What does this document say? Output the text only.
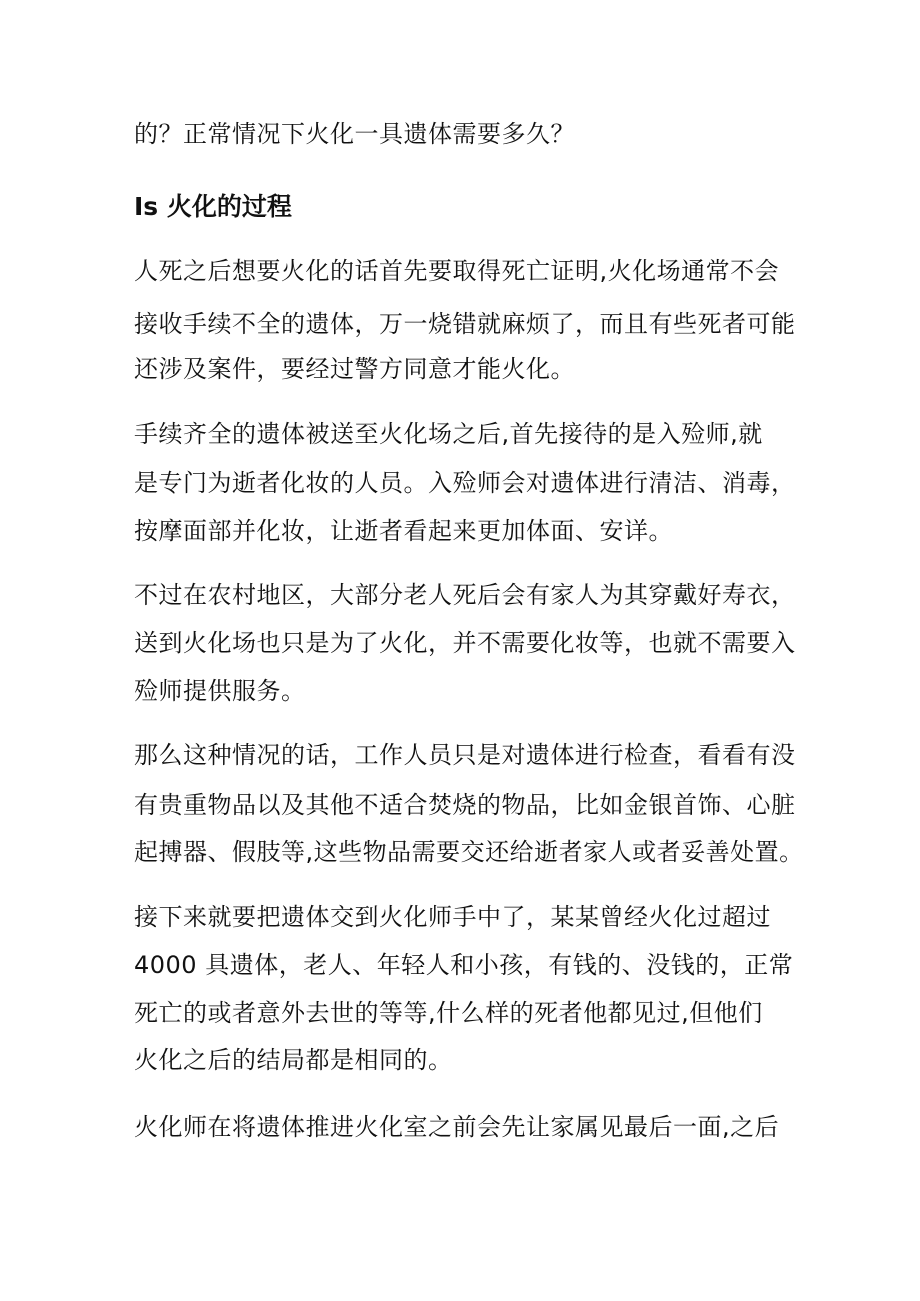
的？正常情况下火化一具遗体需要多久？
Is 火化的过程
人死之后想要火化的话首先要取得死亡证明,火化场通常不会
接收手续不全的遗体，万一烧错就麻烦了，而且有些死者可能
还涉及案件，要经过警方同意才能火化。
手续齐全的遗体被送至火化场之后,首先接待的是入殓师,就
是专门为逝者化妆的人员。入殓师会对遗体进行清洁、消毒，
按摩面部并化妆，让逝者看起来更加体面、安详。
不过在农村地区，大部分老人死后会有家人为其穿戴好寿衣，
送到火化场也只是为了火化，并不需要化妆等，也就不需要入
殓师提供服务。
那么这种情况的话，工作人员只是对遗体进行检查，看看有没
有贵重物品以及其他不适合焚烧的物品，比如金银首饰、心脏
起搏器、假肢等,这些物品需要交还给逝者家人或者妥善处置。
接下来就要把遗体交到火化师手中了，某某曾经火化过超过
4000 具遗体，老人、年轻人和小孩，有钱的、没钱的，正常
死亡的或者意外去世的等等,什么样的死者他都见过,但他们
火化之后的结局都是相同的。
火化师在将遗体推进火化室之前会先让家属见最后一面,之后
